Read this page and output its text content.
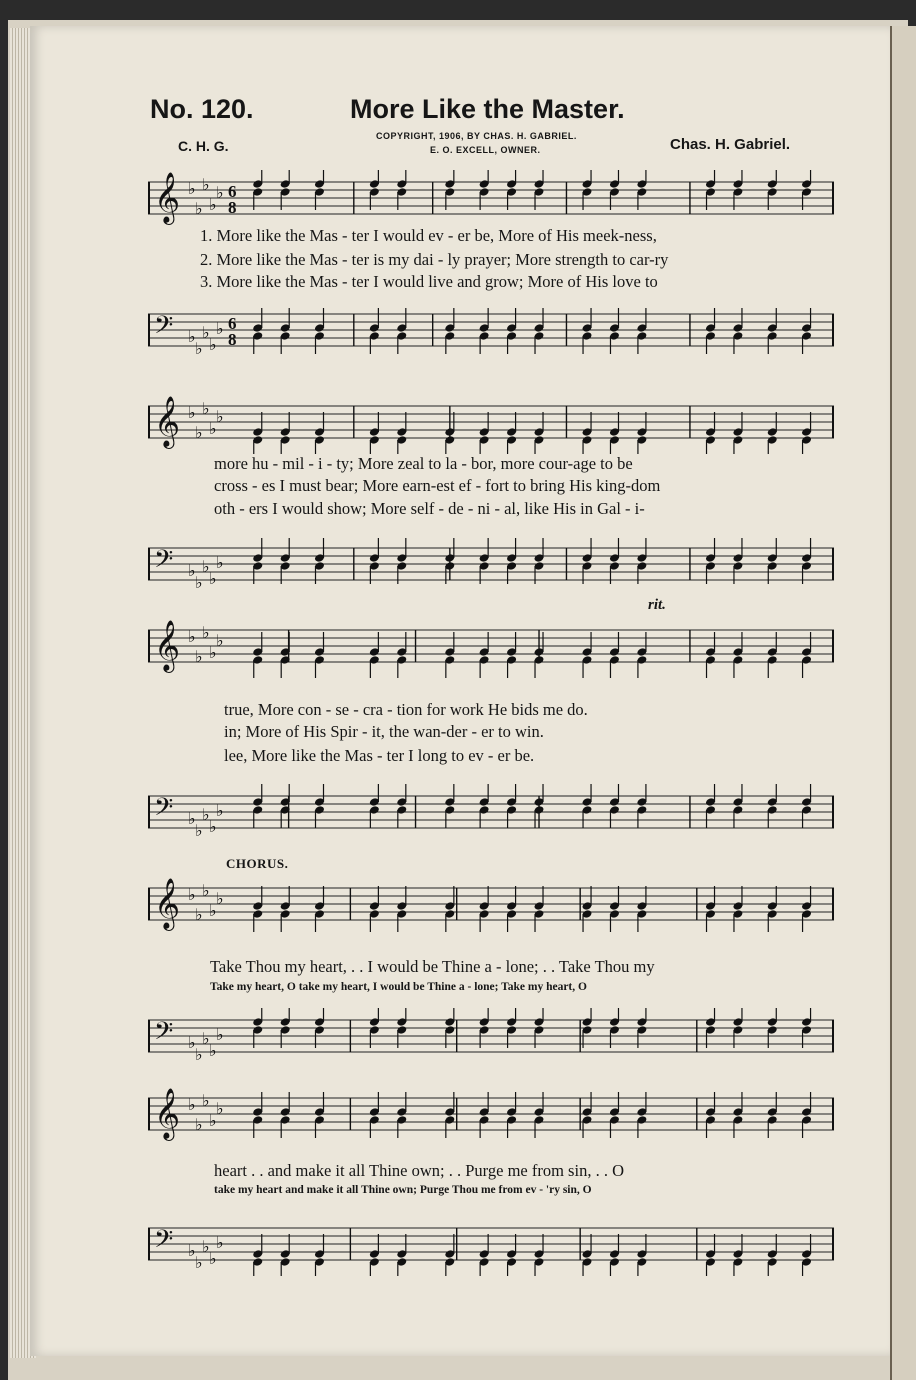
No. 120.	More Like the Master.
C. H. G.
COPYRIGHT, 1906, BY CHAS. H. GABRIEL.
E. O. EXCELL, OWNER.	Chas. H. Gabriel.
𝄞 ♭
♭
♭
♭
♭ 6
8
𝄢 ♭
♭
♭
♭
♭ 6
8
𝄞 ♭
♭
♭
♭
♭
𝄢 ♭
♭
♭
♭
♭
𝄞 ♭
♭
♭
♭
♭
𝄢 ♭
♭
♭
♭
♭
𝄞 ♭
♭
♭
♭
♭
𝄢 ♭
♭
♭
♭
♭
𝄞 ♭
♭
♭
♭
♭
𝄢 ♭
♭
♭
♭
♭

1. More like the Mas - ter I would ev - er be, More of His meek-ness,

2. More like the Mas - ter is my dai - ly prayer; More strength to car-ry

3. More like the Mas - ter I would live and grow; More of His love to

more hu - mil - i - ty; More zeal to la - bor, more cour-age to be

cross - es I must bear; More earn-est ef - fort to bring His king-dom

oth - ers I would show; More self - de - ni - al, like His in Gal - i-

rit.

true, More con - se - cra - tion for work He bids me do.

in; More of His Spir - it, the wan-der - er to win.

lee, More like the Mas - ter I long to ev - er be.

CHORUS.

Take Thou my heart, . . I would be Thine a - lone; . . Take Thou my

Take my heart, O take my heart, I would be Thine a - lone; Take my heart, O

heart . . and make it all Thine own; . . Purge me from sin, . . O

take my heart and make it all Thine own; Purge Thou me from ev - 'ry sin, O
